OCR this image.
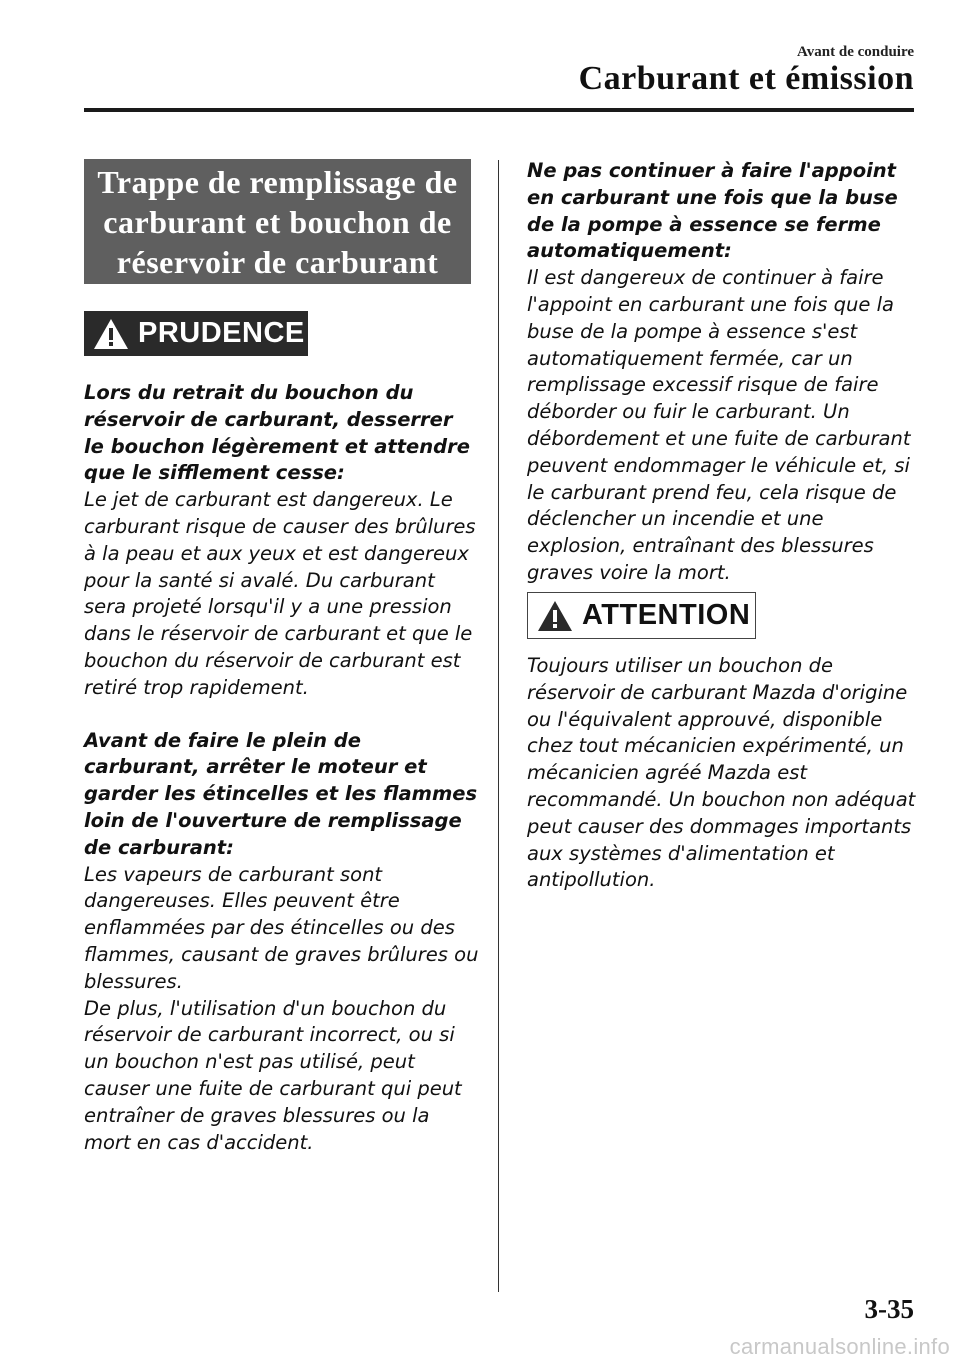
Avant de conduire
Carburant et émission
Trappe de remplissage de carburant et bouchon de réservoir de carburant
PRUDENCE

Lors du retrait du bouchon du réservoir de carburant, desserrer le bouchon légèrement et attendre que le sifflement cesse:

Le jet de carburant est dangereux. Le carburant risque de causer des brûlures à la peau et aux yeux et est dangereux pour la santé si avalé. Du carburant sera projeté lorsqu'il y a une pression dans le réservoir de carburant et que le bouchon du réservoir de carburant est retiré trop rapidement.

Avant de faire le plein de carburant, arrêter le moteur et garder les étincelles et les flammes loin de l'ouverture de remplissage de carburant:

Les vapeurs de carburant sont dangereuses. Elles peuvent être enflammées par des étincelles ou des flammes, causant de graves brûlures ou blessures.

De plus, l'utilisation d'un bouchon du réservoir de carburant incorrect, ou si un bouchon n'est pas utilisé, peut causer une fuite de carburant qui peut entraîner de graves blessures ou la mort en cas d'accident.

Ne pas continuer à faire l'appoint en carburant une fois que la buse de la pompe à essence se ferme automatiquement:

Il est dangereux de continuer à faire l'appoint en carburant une fois que la buse de la pompe à essence s'est automatiquement fermée, car un remplissage excessif risque de faire déborder ou fuir le carburant. Un débordement et une fuite de carburant peuvent endommager le véhicule et, si le carburant prend feu, cela risque de déclencher un incendie et une explosion, entraînant des blessures graves voire la mort.

ATTENTION

Toujours utiliser un bouchon de réservoir de carburant Mazda d'origine ou l'équivalent approuvé, disponible chez tout mécanicien expérimenté, un mécanicien agréé Mazda est recommandé. Un bouchon non adéquat peut causer des dommages importants aux systèmes d'alimentation et antipollution.

3-35
carmanualsonline.info
